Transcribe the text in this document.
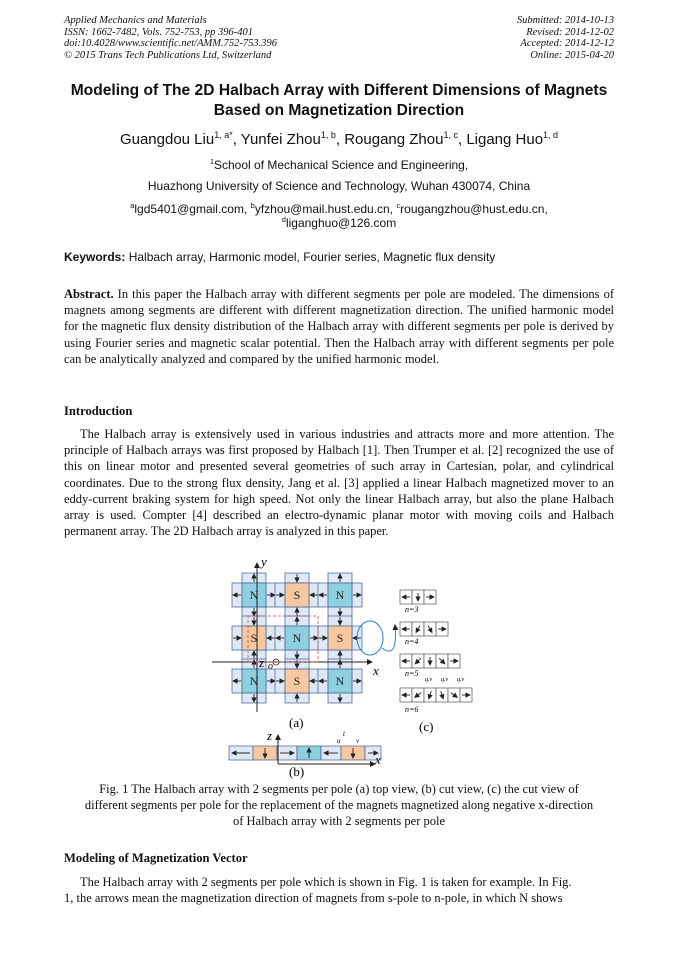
Applied Mechanics and Materials
ISSN: 1662-7482, Vols. 752-753, pp 396-401
doi:10.4028/www.scientific.net/AMM.752-753.396
© 2015 Trans Tech Publications Ltd, Switzerland
Submitted: 2014-10-13
Revised: 2014-12-02
Accepted: 2014-12-12
Online: 2015-04-20
Modeling of The 2D Halbach Array with Different Dimensions of Magnets
Based on Magnetization Direction
Guangdou Liu$^{1, a*}$, Yunfei Zhou$^{1, b}$, Rougang Zhou$^{1, c}$, Ligang Huo$^{1, d}$
$^1$School of Mechanical Science and Engineering,
Huazhong University of Science and Technology, Wuhan 430074, China
$^a$lgd5401@gmail.com, $^b$yfzhou@mail.hust.edu.cn, $^c$rougangzhou@hust.edu.cn,
$^d$liganghuo@126.com
Keywords: Halbach array, Harmonic model, Fourier series, Magnetic flux density
Abstract. In this paper the Halbach array with different segments per pole are modeled. The dimensions of magnets among segments are different with different magnetization direction. The unified harmonic model for the magnetic flux density distribution of the Halbach array with different segments per pole is derived by using Fourier series and magnetic scalar potential. Then the Halbach array with different segments per pole can be analytically analyzed and compared by the unified harmonic model.
Introduction
The Halbach array is extensively used in various industries and attracts more and more attention. The principle of Halbach arrays was first proposed by Halbach [1]. Then Trumper et al. [2] recognized the use of this on linear motor and presented several geometries of such array in Cartesian, polar, and cylindrical coordinates. Due to the strong flux density, Jang et al. [3] applied a linear Halbach magnetized mover to an eddy-current braking system for high speed. Not only the linear Halbach array, but also the plane Halbach array is used. Compter [4] described an electro-dynamic planar motor with moving coils and Halbach permanent array. The 2D Halbach array is analyzed in this paper.
N	S	N
S	N	S
N	S	N
y
z o	x
(a)
z
x
t
u v
(b)
n=3
n=4
n=5
n=6
q.v q.v q.v
(c)
Fig. 1 The Halbach array with 2 segments per pole (a) top view, (b) cut view, (c) the cut view of
different segments per pole for the replacement of the magnets magnetized along negative x-direction
of Halbach array with 2 segments per pole
Modeling of Magnetization Vector
The Halbach array with 2 segments per pole which is shown in Fig. 1 is taken for example. In Fig.
1, the arrows mean the magnetization direction of magnets from s-pole to n-pole, in which N shows
